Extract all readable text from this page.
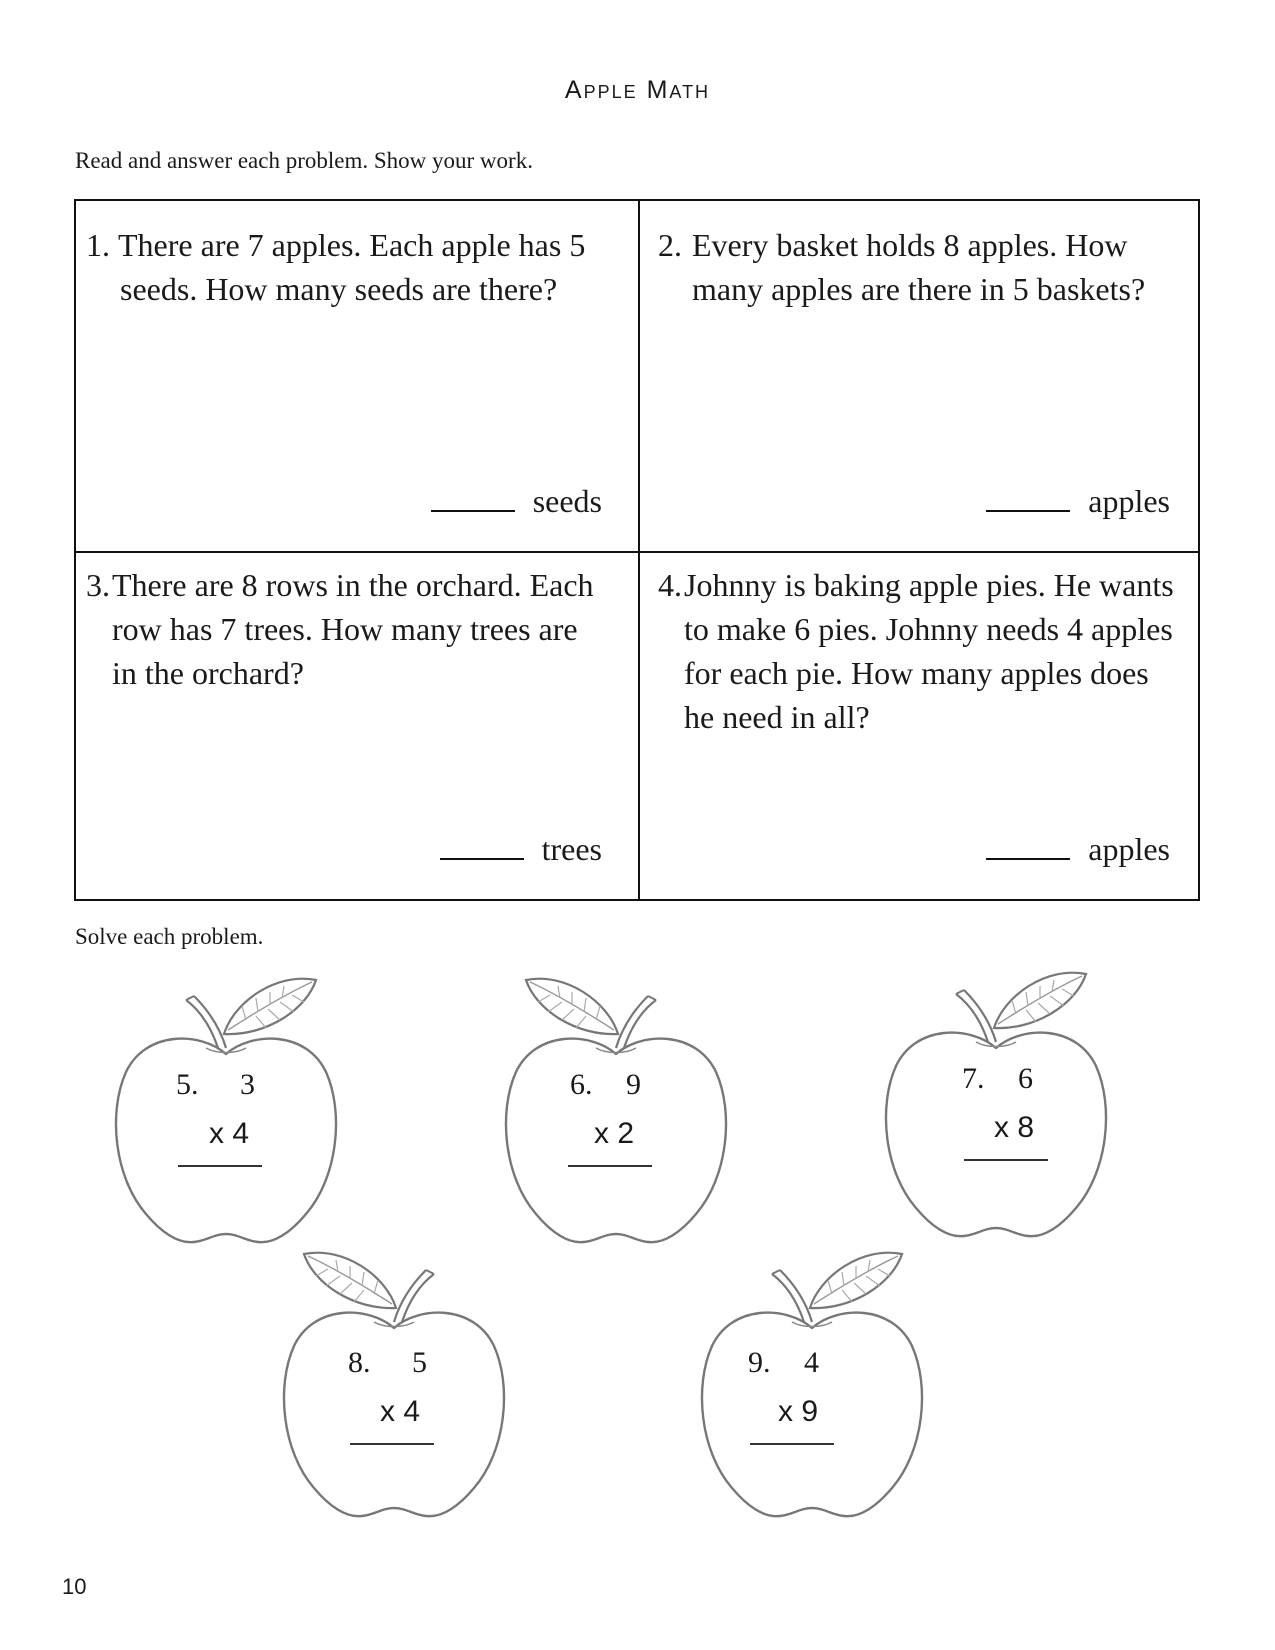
Apple Math
Read and answer each problem. Show your work.
1. There are 7 apples. Each apple has 5 seeds. How many seeds are there?
seeds
2. Every basket holds 8 apples. How many apples are there in 5 baskets?
apples
3. There are 8 rows in the orchard. Each row has 7 trees. How many trees are in the orchard?
trees
4. Johnny is baking apple pies. He wants to make 6 pies. Johnny needs 4 apples for each pie. How many apples does he need in all?
apples
Solve each problem.
5. 3
x 4
6. 9
x 2
7. 6
x 8
8. 5
x 4
9. 4
x 9
10
